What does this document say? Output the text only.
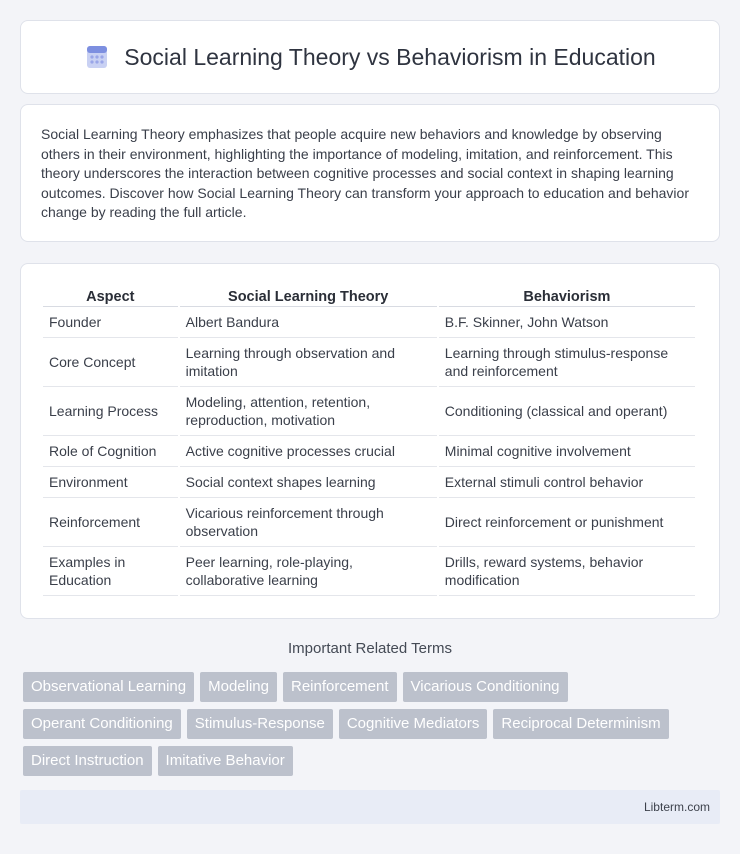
Social Learning Theory vs Behaviorism in Education

Social Learning Theory emphasizes that people acquire new behaviors and knowledge by observing others in their environment, highlighting the importance of modeling, imitation, and reinforcement. This theory underscores the interaction between cognitive processes and social context in shaping learning outcomes. Discover how Social Learning Theory can transform your approach to education and behavior change by reading the full article.

Aspect	Social Learning Theory	Behaviorism
Founder	Albert Bandura	B.F. Skinner, John Watson
Core Concept	Learning through observation and imitation	Learning through stimulus-response and reinforcement
Learning Process	Modeling, attention, retention, reproduction, motivation	Conditioning (classical and operant)
Role of Cognition	Active cognitive processes crucial	Minimal cognitive involvement
Environment	Social context shapes learning	External stimuli control behavior
Reinforcement	Vicarious reinforcement through observation	Direct reinforcement or punishment
Examples in Education	Peer learning, role-playing, collaborative learning	Drills, reward systems, behavior modification
Important Related Terms
Observational Learning	Modeling	Reinforcement	Vicarious Conditioning
Operant Conditioning	Stimulus-Response	Cognitive Mediators	Reciprocal Determinism
Direct Instruction	Imitative Behavior
Libterm.com
